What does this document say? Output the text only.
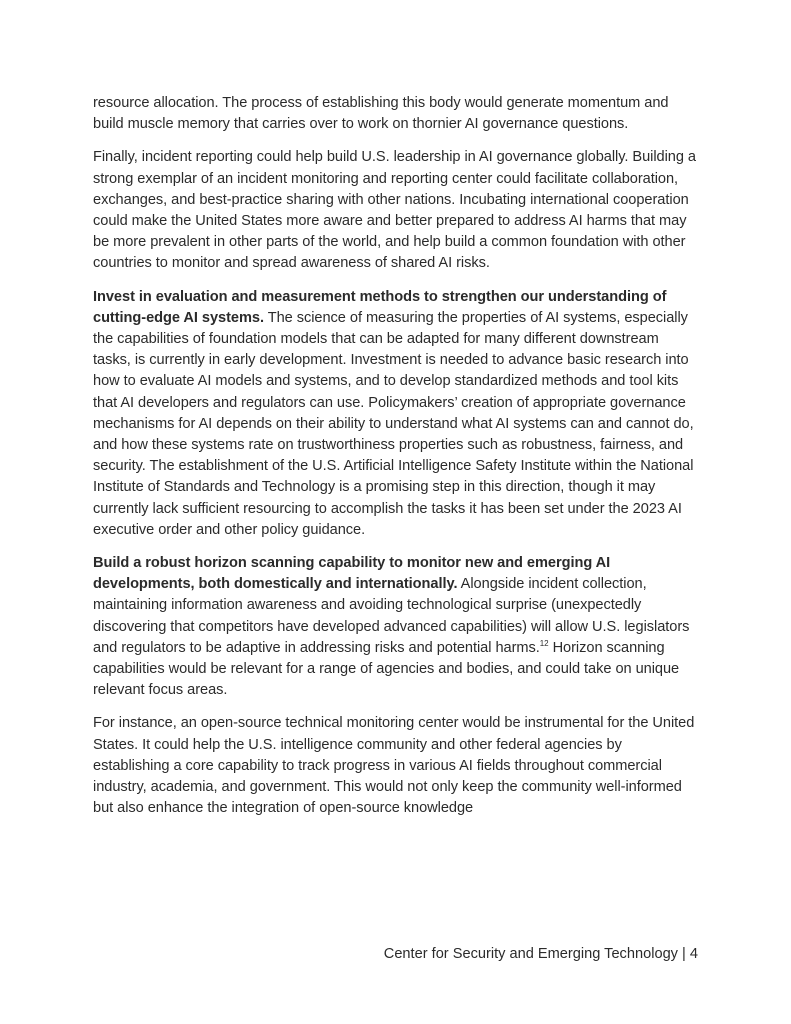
resource allocation. The process of establishing this body would generate momentum and build muscle memory that carries over to work on thornier AI governance questions.

Finally, incident reporting could help build U.S. leadership in AI governance globally. Building a strong exemplar of an incident monitoring and reporting center could facilitate collaboration, exchanges, and best-practice sharing with other nations. Incubating international cooperation could make the United States more aware and better prepared to address AI harms that may be more prevalent in other parts of the world, and help build a common foundation with other countries to monitor and spread awareness of shared AI risks.

Invest in evaluation and measurement methods to strengthen our understanding of cutting-edge AI systems. The science of measuring the properties of AI systems, especially the capabilities of foundation models that can be adapted for many different downstream tasks, is currently in early development. Investment is needed to advance basic research into how to evaluate AI models and systems, and to develop standardized methods and tool kits that AI developers and regulators can use. Policymakers’ creation of appropriate governance mechanisms for AI depends on their ability to understand what AI systems can and cannot do, and how these systems rate on trustworthiness properties such as robustness, fairness, and security. The establishment of the U.S. Artificial Intelligence Safety Institute within the National Institute of Standards and Technology is a promising step in this direction, though it may currently lack sufficient resourcing to accomplish the tasks it has been set under the 2023 AI executive order and other policy guidance.

Build a robust horizon scanning capability to monitor new and emerging AI developments, both domestically and internationally. Alongside incident collection, maintaining information awareness and avoiding technological surprise (unexpectedly discovering that competitors have developed advanced capabilities) will allow U.S. legislators and regulators to be adaptive in addressing risks and potential harms.$^{12}$ Horizon scanning capabilities would be relevant for a range of agencies and bodies, and could take on unique relevant focus areas.

For instance, an open-source technical monitoring center would be instrumental for the United States. It could help the U.S. intelligence community and other federal agencies by establishing a core capability to track progress in various AI fields throughout commercial industry, academia, and government. This would not only keep the community well-informed but also enhance the integration of open-source knowledge

Center for Security and Emerging Technology | 4
